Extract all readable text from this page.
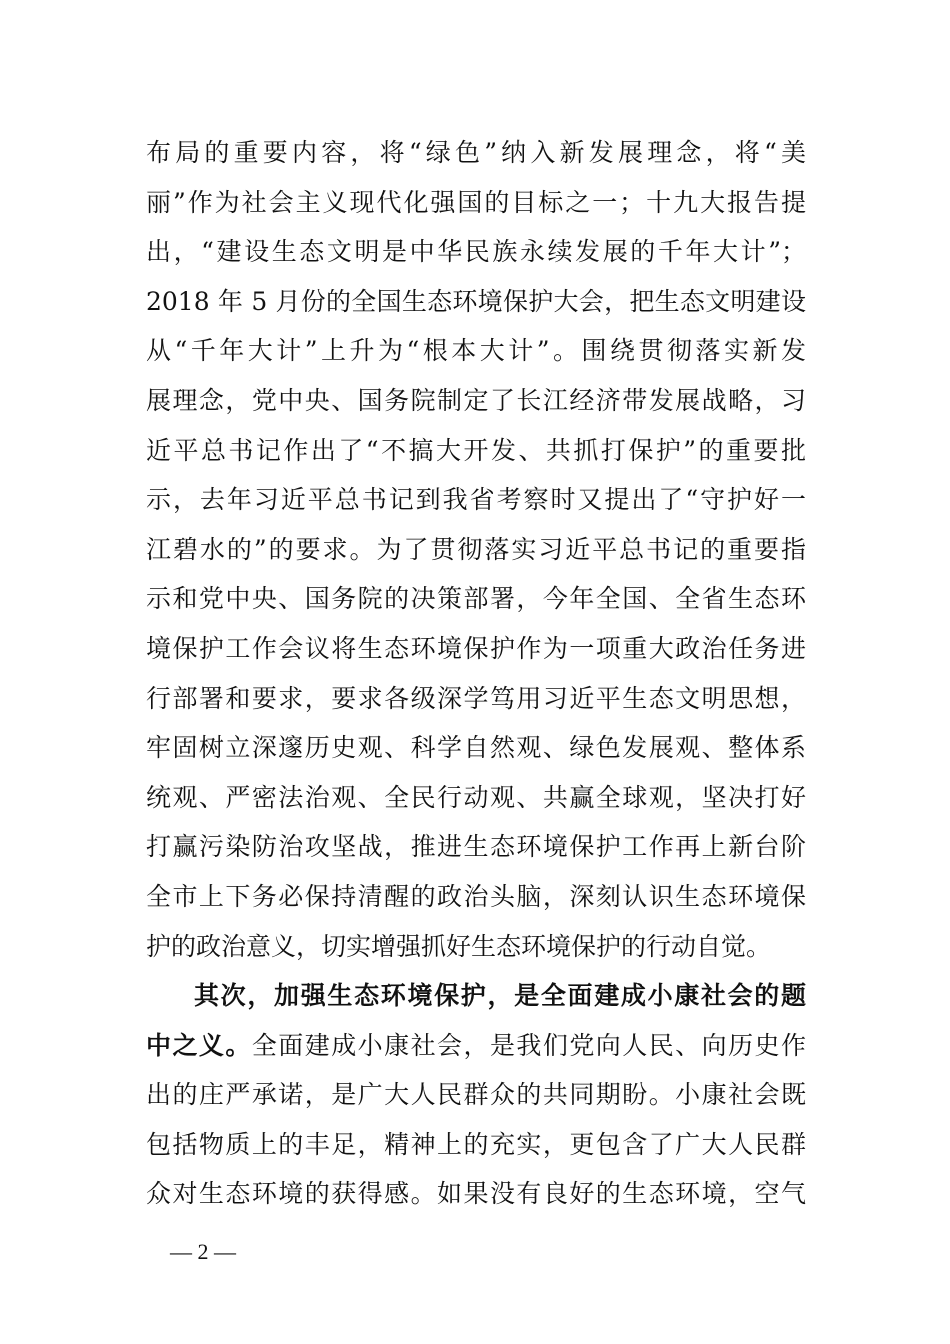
布局的重要内容，将“绿色”纳入新发展理念，将“美
丽”作为社会主义现代化强国的目标之一；十九大报告提
出，“建设生态文明是中华民族永续发展的千年大计”；
2018 年 5 月份的全国生态环境保护大会，把生态文明建设
从“千年大计”上升为“根本大计”。围绕贯彻落实新发
展理念，党中央、国务院制定了长江经济带发展战略，习
近平总书记作出了“不搞大开发、共抓打保护”的重要批
示，去年习近平总书记到我省考察时又提出了“守护好一
江碧水的”的要求。为了贯彻落实习近平总书记的重要指
示和党中央、国务院的决策部署，今年全国、全省生态环
境保护工作会议将生态环境保护作为一项重大政治任务进
行部署和要求，要求各级深学笃用习近平生态文明思想，
牢固树立深邃历史观、科学自然观、绿色发展观、整体系
统观、严密法治观、全民行动观、共赢全球观，坚决打好
打赢污染防治攻坚战，推进生态环境保护工作再上新台阶
全市上下务必保持清醒的政治头脑，深刻认识生态环境保
护的政治意义，切实增强抓好生态环境保护的行动自觉。
其次，加强生态环境保护，是全面建成小康社会的题
中之义。全面建成小康社会，是我们党向人民、向历史作
出的庄严承诺，是广大人民群众的共同期盼。小康社会既
包括物质上的丰足，精神上的充实，更包含了广大人民群
众对生态环境的获得感。如果没有良好的生态环境，空气
— 2 —
